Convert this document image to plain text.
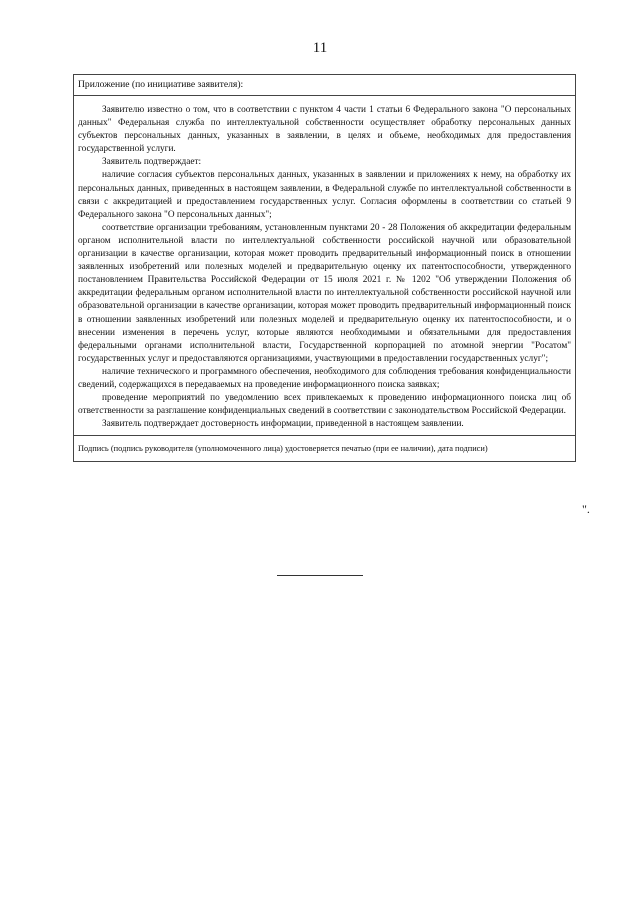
11
Приложение (по инициативе заявителя):

Заявителю известно о том, что в соответствии с пунктом 4 части 1 статьи 6 Федерального закона "О персональных данных" Федеральная служба по интеллектуальной собственности осуществляет обработку персональных данных субъектов персональных данных, указанных в заявлении, в целях и объеме, необходимых для предоставления государственной услуги.

Заявитель подтверждает:

наличие согласия субъектов персональных данных, указанных в заявлении и приложениях к нему, на обработку их персональных данных, приведенных в настоящем заявлении, в Федеральной службе по интеллектуальной собственности в связи с аккредитацией и предоставлением государственных услуг. Согласия оформлены в соответствии со статьей 9 Федерального закона "О персональных данных";

соответствие организации требованиям, установленным пунктами 20 - 28 Положения об аккредитации федеральным органом исполнительной власти по интеллектуальной собственности российской научной или образовательной организации в качестве организации, которая может проводить предварительный информационный поиск в отношении заявленных изобретений или полезных моделей и предварительную оценку их патентоспособности, утвержденного постановлением Правительства Российской Федерации от 15 июля 2021 г. № 1202 "Об утверждении Положения об аккредитации федеральным органом исполнительной власти по интеллектуальной собственности российской научной или образовательной организации в качестве организации, которая может проводить предварительный информационный поиск в отношении заявленных изобретений или полезных моделей и предварительную оценку их патентоспособности, и о внесении изменения в перечень услуг, которые являются необходимыми и обязательными для предоставления федеральными органами исполнительной власти, Государственной корпорацией по атомной энергии "Росатом" государственных услуг и предоставляются организациями, участвующими в предоставлении государственных услуг";

наличие технического и программного обеспечения, необходимого для соблюдения требования конфиденциальности сведений, содержащихся в передаваемых на проведение информационного поиска заявках;

проведение мероприятий по уведомлению всех привлекаемых к проведению информационного поиска лиц об ответственности за разглашение конфиденциальных сведений в соответствии с законодательством Российской Федерации.

Заявитель подтверждает достоверность информации, приведенной в настоящем заявлении.

Подпись (подпись руководителя (уполномоченного лица) удостоверяется печатью (при ее наличии), дата подписи)
".
